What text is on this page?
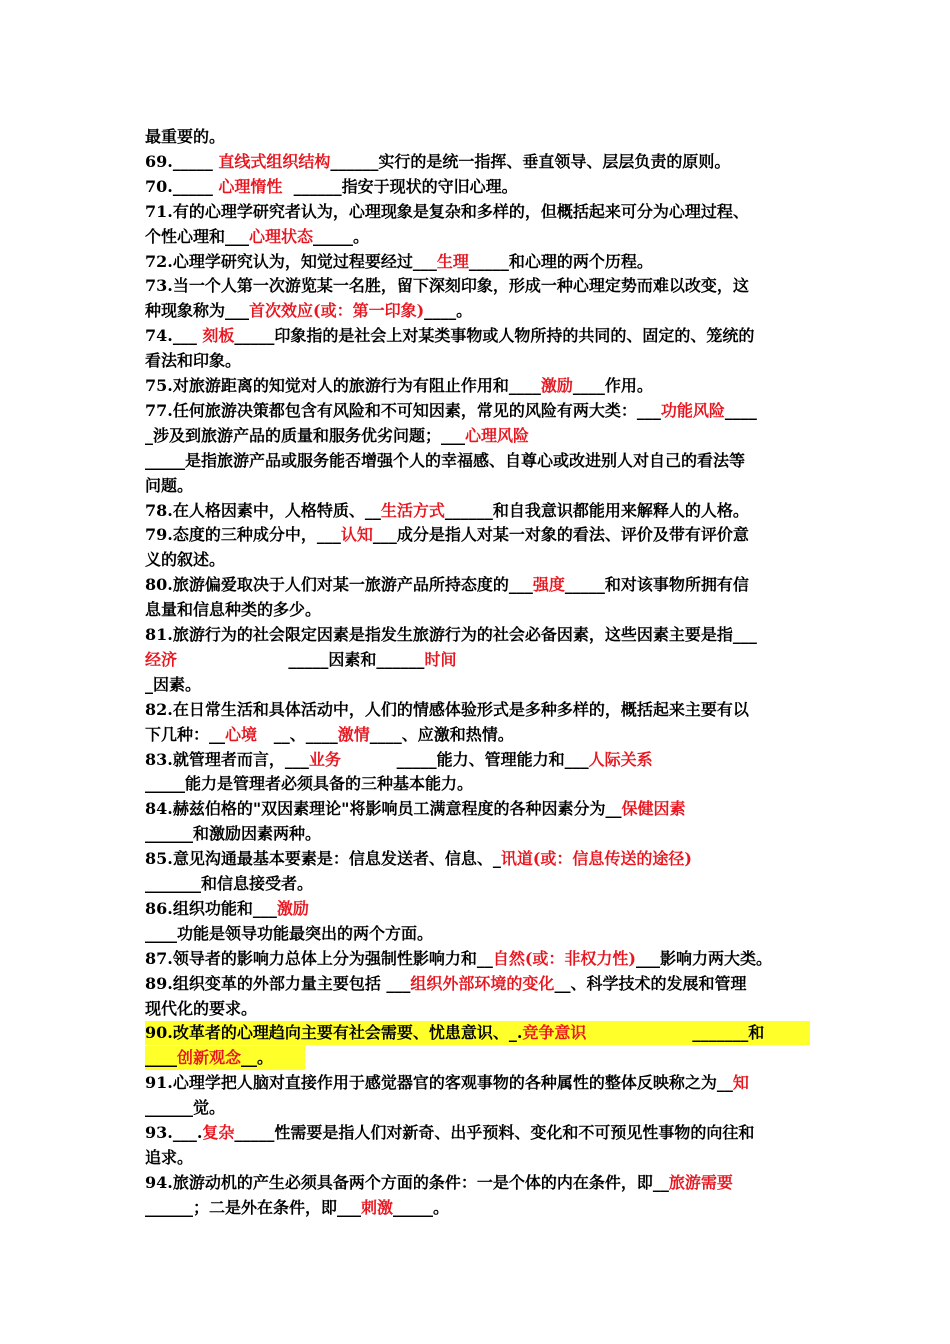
最重要的。
69._____ 直线式组织结构______实行的是统一指挥、垂直领导、层层负责的原则。
70._____ 心理惰性  ______指安于现状的守旧心理。
71.有的心理学研究者认为，心理现象是复杂和多样的，但概括起来可分为心理过程、
个性心理和___心理状态_____。
72.心理学研究认为，知觉过程要经过___生理_____和心理的两个历程。
73.当一个人第一次游览某一名胜，留下深刻印象，形成一种心理定势而难以改变，这
种现象称为___首次效应(或：第一印象)____。
74.___ 刻板_____印象指的是社会上对某类事物或人物所持的共同的、固定的、笼统的
看法和印象。
75.对旅游距离的知觉对人的旅游行为有阻止作用和____激励____作用。
77.任何旅游决策都包含有风险和不可知因素，常见的风险有两大类：___功能风险____
_涉及到旅游产品的质量和服务优劣问题；___心理风险
_____是指旅游产品或服务能否增强个人的幸福感、自尊心或改进别人对自己的看法等
问题。
78.在人格因素中，人格特质、__生活方式______和自我意识都能用来解释人的人格。
79.态度的三种成分中，___认知___成分是指人对某一对象的看法、评价及带有评价意
义的叙述。
80.旅游偏爱取决于人们对某一旅游产品所持态度的___强度_____和对该事物所拥有信
息量和信息种类的多少。
81.旅游行为的社会限定因素是指发生旅游行为的社会必备因素，这些因素主要是指___
经济                    _____因素和______时间
_因素。
82.在日常生活和具体活动中，人们的情感体验形式是多种多样的，概括起来主要有以
下几种：__心境   __、____激情____、应激和热情。
83.就管理者而言，___业务          _____能力、管理能力和___人际关系
_____能力是管理者必须具备的三种基本能力。
84.赫兹伯格的"双因素理论"将影响员工满意程度的各种因素分为__保健因素
______和激励因素两种。
85.意见沟通最基本要素是：信息发送者、信息、_讯道(或：信息传送的途径)
_______和信息接受者。
86.组织功能和___激励
____功能是领导功能最突出的两个方面。
87.领导者的影响力总体上分为强制性影响力和__自然(或：非权力性)___影响力两大类。
89.组织变革的外部力量主要包括 ___组织外部环境的变化__、科学技术的发展和管理
现代化的要求。
90.改革者的心理趋向主要有社会需要、忧患意识、_.竞争意识                   _______和
____创新观念__。
91.心理学把人脑对直接作用于感觉器官的客观事物的各种属性的整体反映称之为__知
______觉。
93.___.复杂_____性需要是指人们对新奇、出乎预料、变化和不可预见性事物的向往和
追求。
94.旅游动机的产生必须具备两个方面的条件：一是个体的内在条件，即__旅游需要
______；二是外在条件，即___刺激_____。
